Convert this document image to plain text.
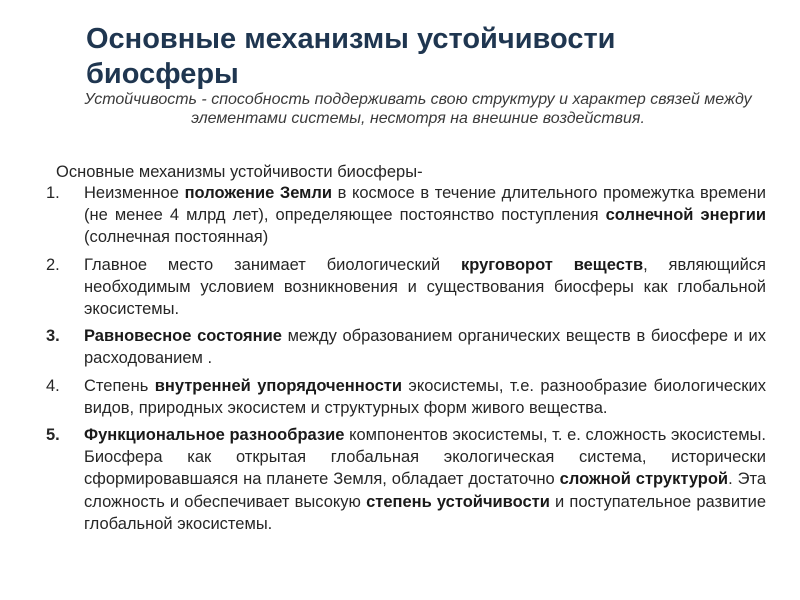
Основные механизмы устойчивости биосферы

Устойчивость - способность поддерживать свою структуру и характер связей между элементами системы, несмотря на внешние воздействия.

Основные механизмы устойчивости биосферы-

1. Неизменное положение Земли в космосе в течение длительного промежутка времени (не менее 4 млрд лет), определяющее постоянство поступления солнечной энергии (солнечная постоянная)
2. Главное место занимает биологический круговорот веществ, являющийся необходимым условием возникновения и существования биосферы как глобальной экосистемы.
3. Равновесное состояние между образованием органических веществ в биосфере и их расходованием .
4. Степень внутренней упорядоченности экосистемы, т.е. разнообразие биологических видов, природных экосистем и структурных форм живого вещества.
5. Функциональное разнообразие компонентов экосистемы, т. е. сложность экосистемы. Биосфера как открытая глобальная экологическая система, исторически сформировавшаяся на планете Земля, обладает достаточно сложной структурой. Эта сложность и обеспечивает высокую степень устойчивости и поступательное развитие глобальной экосистемы.
